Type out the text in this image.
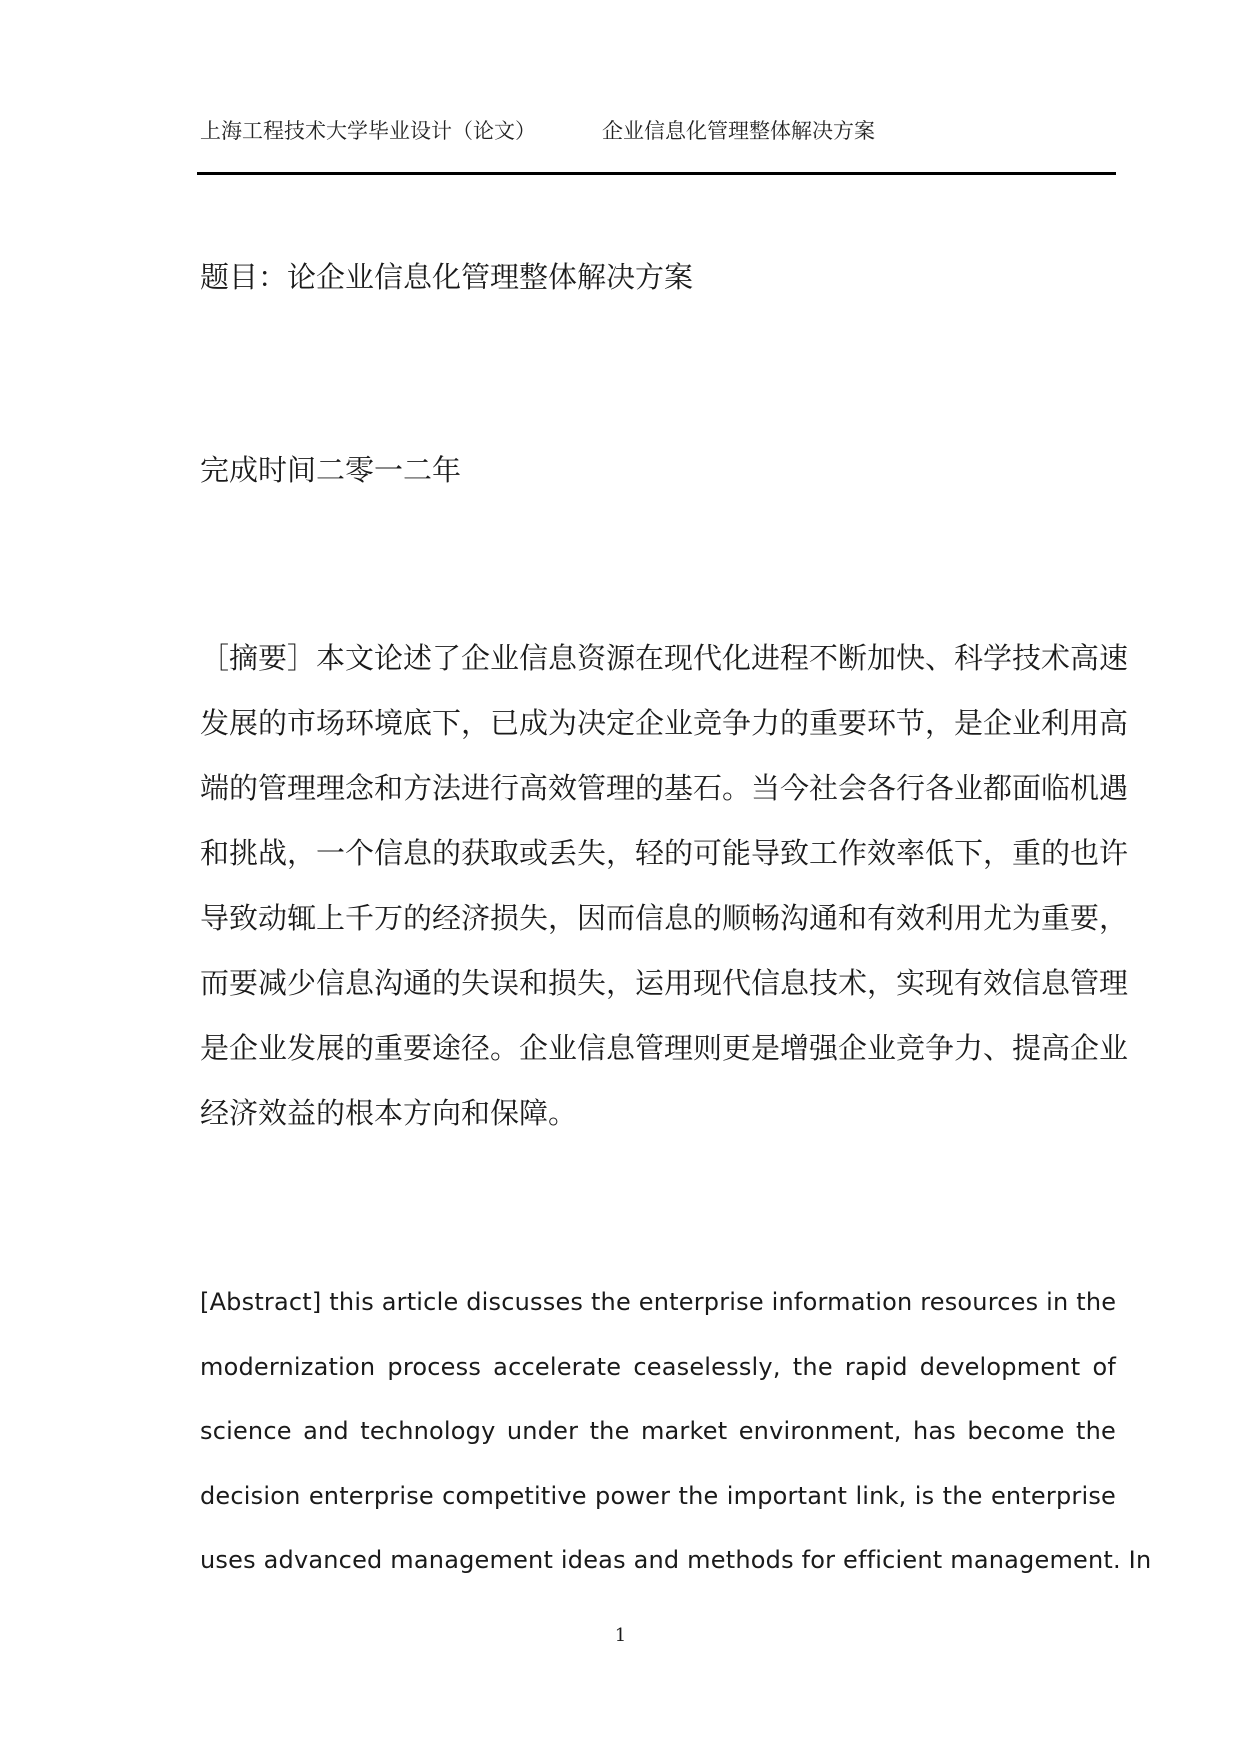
上海工程技术大学毕业设计（论文）	企业信息化管理整体解决方案
题目：论企业信息化管理整体解决方案
完成时间二零一二年
［摘要］本文论述了企业信息资源在现代化进程不断加快、科学技术高速
发展的市场环境底下，已成为决定企业竞争力的重要环节，是企业利用高
端的管理理念和方法进行高效管理的基石。当今社会各行各业都面临机遇
和挑战，一个信息的获取或丢失，轻的可能导致工作效率低下，重的也许
导致动辄上千万的经济损失，因而信息的顺畅沟通和有效利用尤为重要，
而要减少信息沟通的失误和损失，运用现代信息技术，实现有效信息管理
是企业发展的重要途径。企业信息管理则更是增强企业竞争力、提高企业
经济效益的根本方向和保障。
[Abstract] this article discusses the enterprise information resources in the
modernization process accelerate ceaselessly, the rapid development of
science and technology under the market environment, has become the
decision enterprise competitive power the important link, is the enterprise
uses advanced management ideas and methods for efficient management. In
1
